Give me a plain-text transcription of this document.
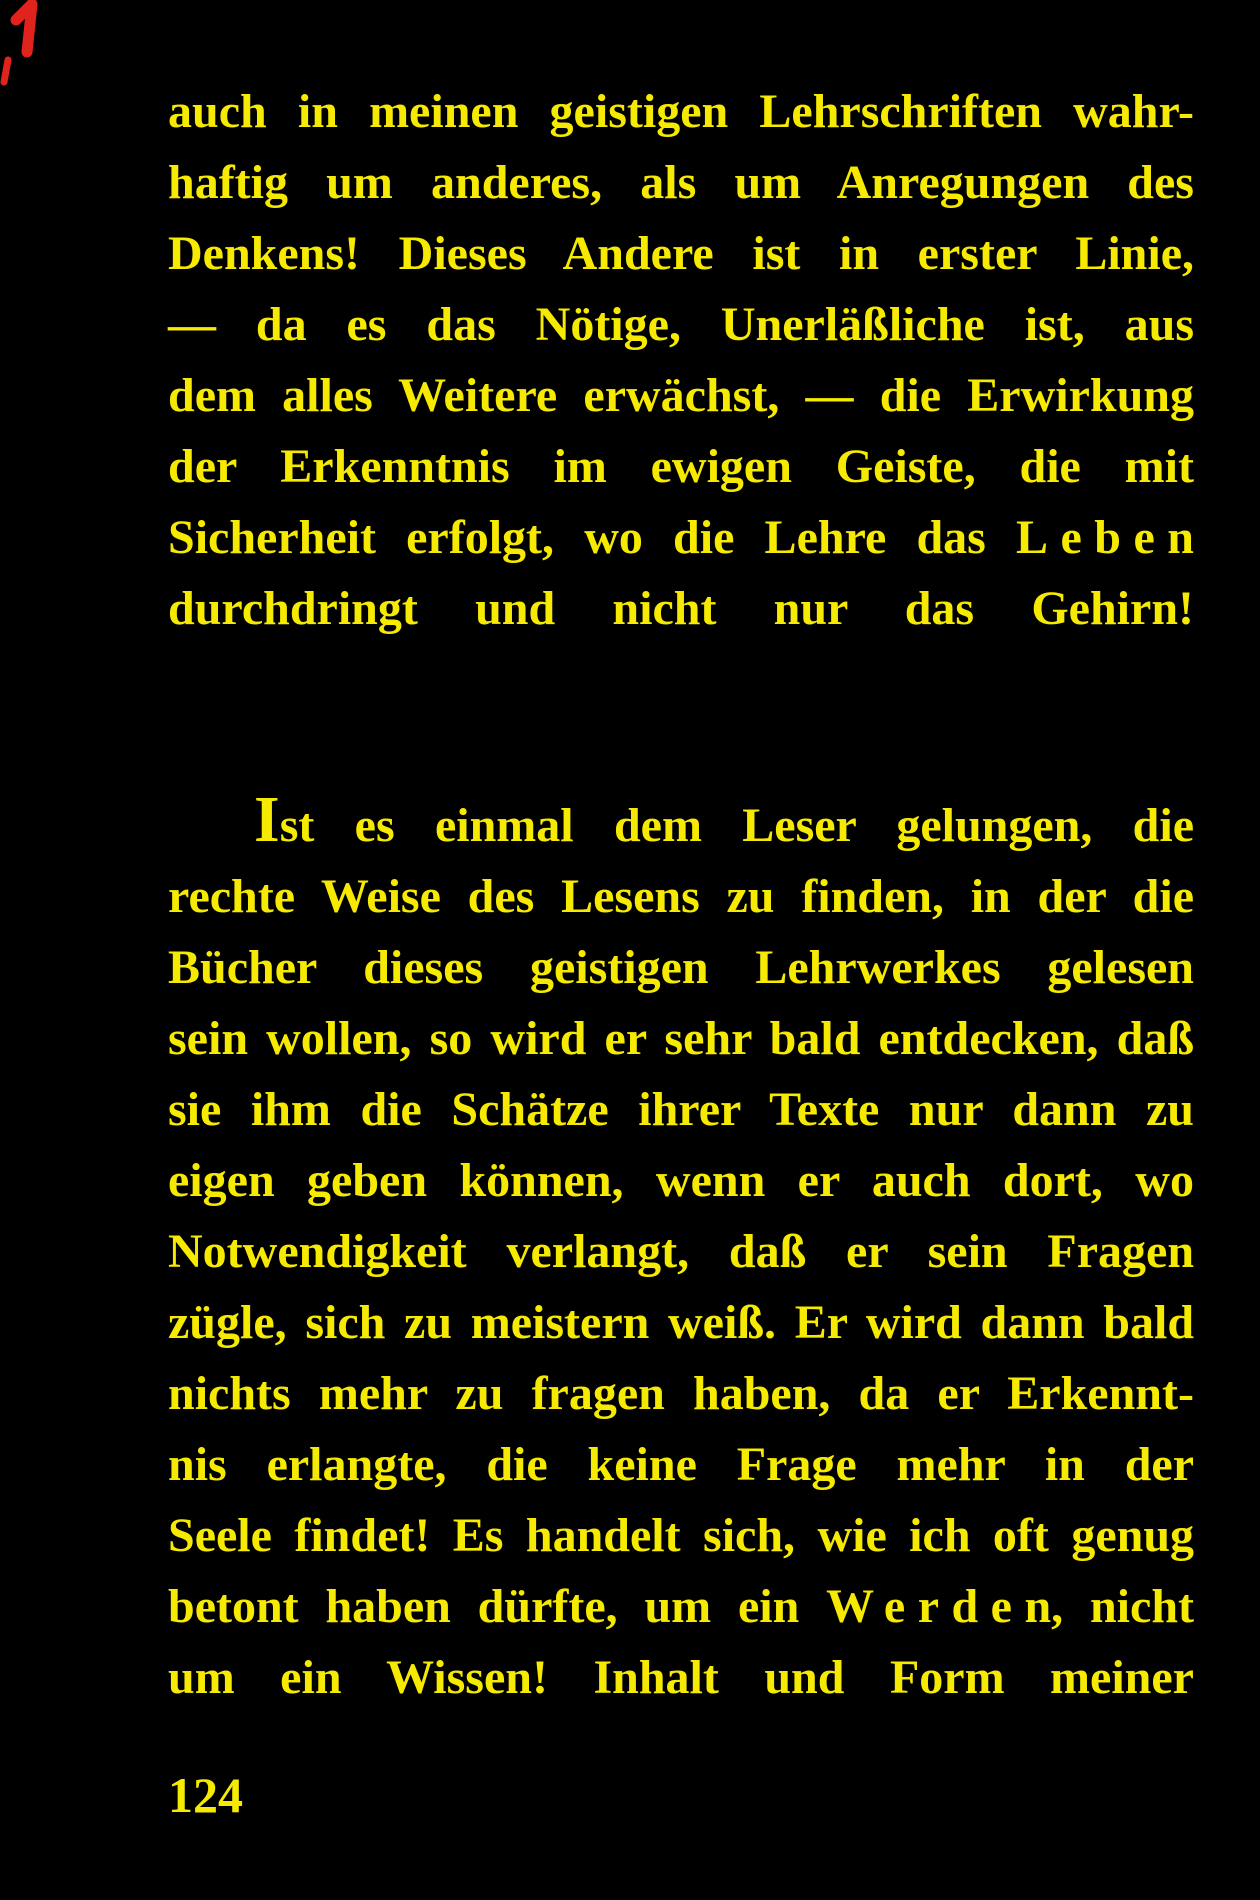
auch in meinen geistigen Lehrschriften wahr-
haftig um anderes, als um Anregungen des
Denkens! Dieses Andere ist in erster Linie,
— da es das Nötige, Unerläßliche ist, aus
dem alles Weitere erwächst, — die Erwirkung
der Erkenntnis im ewigen Geiste, die mit
Sicherheit erfolgt, wo die Lehre das Leben
durchdringt und nicht nur das Gehirn!
Ist es einmal dem Leser gelungen, die
rechte Weise des Lesens zu finden, in der die
Bücher dieses geistigen Lehrwerkes gelesen
sein wollen, so wird er sehr bald entdecken, daß
sie ihm die Schätze ihrer Texte nur dann zu
eigen geben können, wenn er auch dort, wo
Notwendigkeit verlangt, daß er sein Fragen
zügle, sich zu meistern weiß. Er wird dann bald
nichts mehr zu fragen haben, da er Erkennt-
nis erlangte, die keine Frage mehr in der
Seele findet! Es handelt sich, wie ich oft genug
betont haben dürfte, um ein Werden, nicht
um ein Wissen! Inhalt und Form meiner
124
